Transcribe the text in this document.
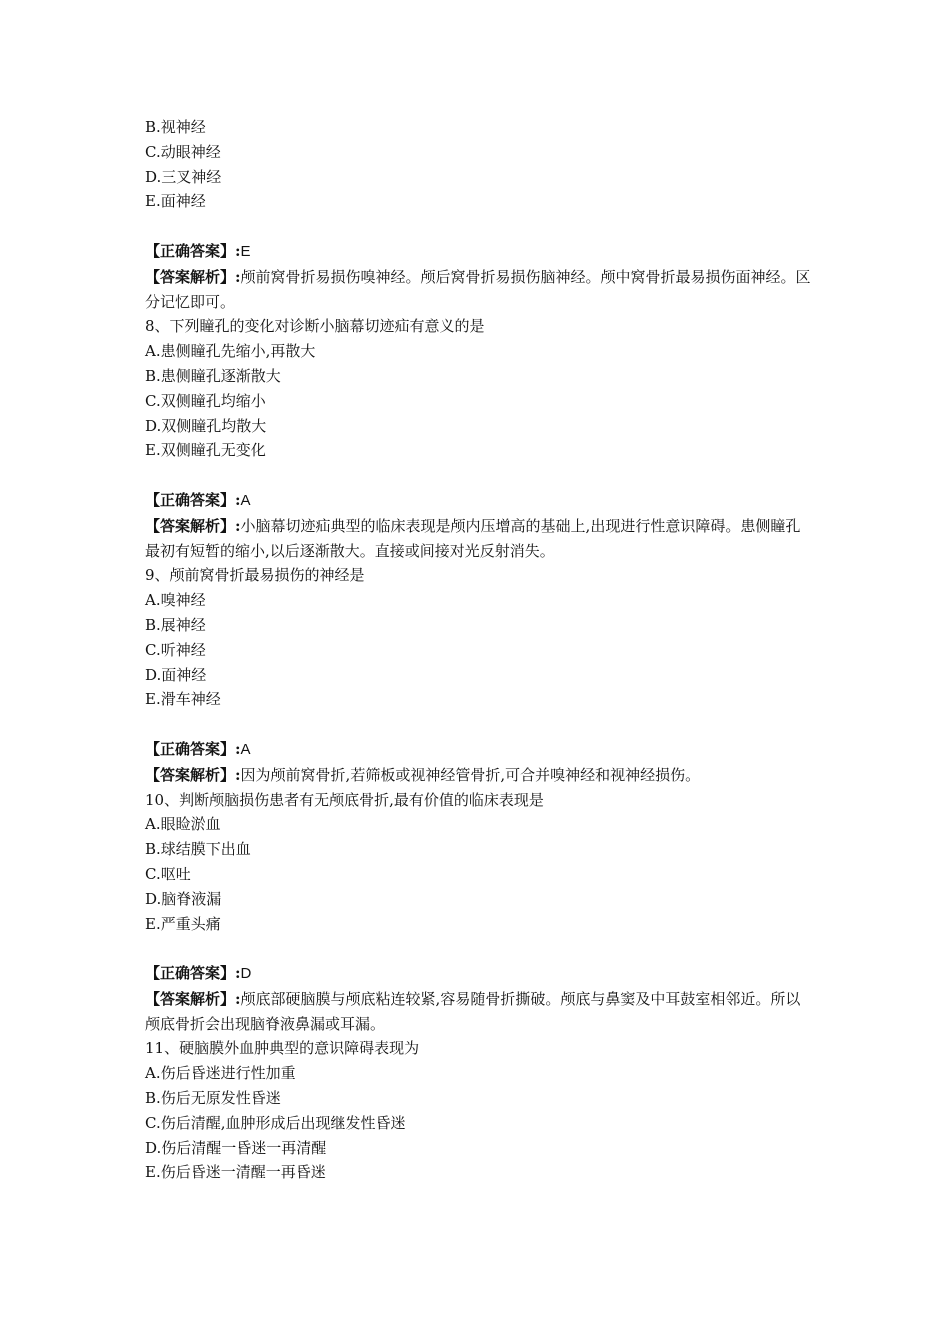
B.视神经
C.动眼神经
D.三叉神经
E.面神经
【正确答案】:E
【答案解析】:颅前窝骨折易损伤嗅神经。颅后窝骨折易损伤脑神经。颅中窝骨折最易损伤面神经。区分记忆即可。
8、下列瞳孔的变化对诊断小脑幕切迹疝有意义的是
A.患侧瞳孔先缩小,再散大
B.患侧瞳孔逐渐散大
C.双侧瞳孔均缩小
D.双侧瞳孔均散大
E.双侧瞳孔无变化
【正确答案】:A
【答案解析】:小脑幕切迹疝典型的临床表现是颅内压增高的基础上,出现进行性意识障碍。患侧瞳孔最初有短暂的缩小,以后逐渐散大。直接或间接对光反射消失。
9、颅前窝骨折最易损伤的神经是
A.嗅神经
B.展神经
C.听神经
D.面神经
E.滑车神经
【正确答案】:A
【答案解析】:因为颅前窝骨折,若筛板或视神经管骨折,可合并嗅神经和视神经损伤。
10、判断颅脑损伤患者有无颅底骨折,最有价值的临床表现是
A.眼睑淤血
B.球结膜下出血
C.呕吐
D.脑脊液漏
E.严重头痛
【正确答案】:D
【答案解析】:颅底部硬脑膜与颅底粘连较紧,容易随骨折撕破。颅底与鼻窦及中耳鼓室相邻近。所以颅底骨折会出现脑脊液鼻漏或耳漏。
11、硬脑膜外血肿典型的意识障碍表现为
A.伤后昏迷进行性加重
B.伤后无原发性昏迷
C.伤后清醒,血肿形成后出现继发性昏迷
D.伤后清醒一昏迷一再清醒
E.伤后昏迷一清醒一再昏迷
